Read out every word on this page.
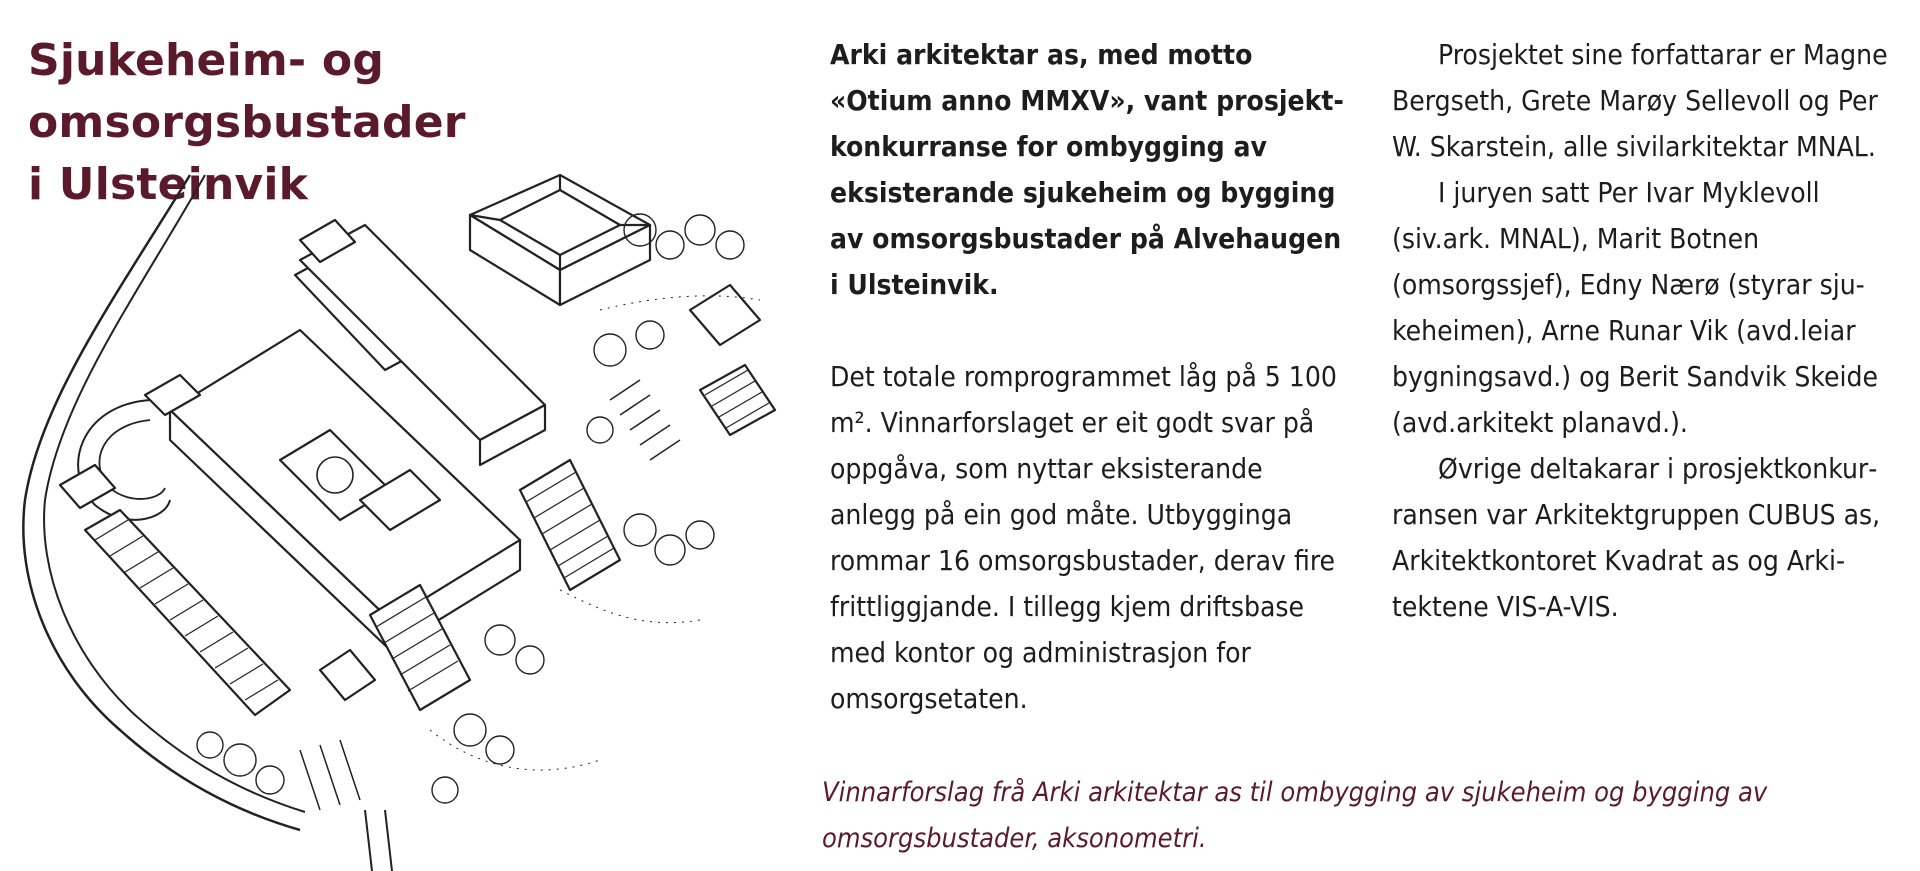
Sjukeheim- og omsorgsbustader
i Ulsteinvik

Arki arkitektar as, med motto «Otium anno MMXV», vant prosjektkonkurranse for ombygging av eksisterande sjukeheim og bygging av omsorgsbustader på Alvehaugen i Ulsteinvik.

Det totale romprogrammet låg på 5 100 m². Vinnarforslaget er eit godt svar på oppgåva, som nyttar eksisterande anlegg på ein god måte. Utbygginga rommar 16 omsorgsbustader, derav fire frittliggjande. I tillegg kjem driftsbase med kontor og administrasjon for omsorgsetaten.

Prosjektet sine forfattarar er Magne Bergseth, Grete Marøy Sellevoll og Per W. Skarstein, alle sivilarkitektar MNAL.

I juryen satt Per Ivar Myklevoll (siv.ark. MNAL), Marit Botnen (omsorgssjef), Edny Nærø (styrar sjukeheimen), Arne Runar Vik (avd.leiar bygningsavd.) og Berit Sandvik Skeide (avd.arkitekt planavd.).

Øvrige deltakarar i prosjektkonkurransen var Arkitektgruppen CUBUS as, Arkitektkontoret Kvadrat as og Arkitektene VIS-A-VIS.

Vinnarforslag frå Arki arkitektar as til ombygging av sjukeheim og bygging av omsorgsbustader, aksonometri.
